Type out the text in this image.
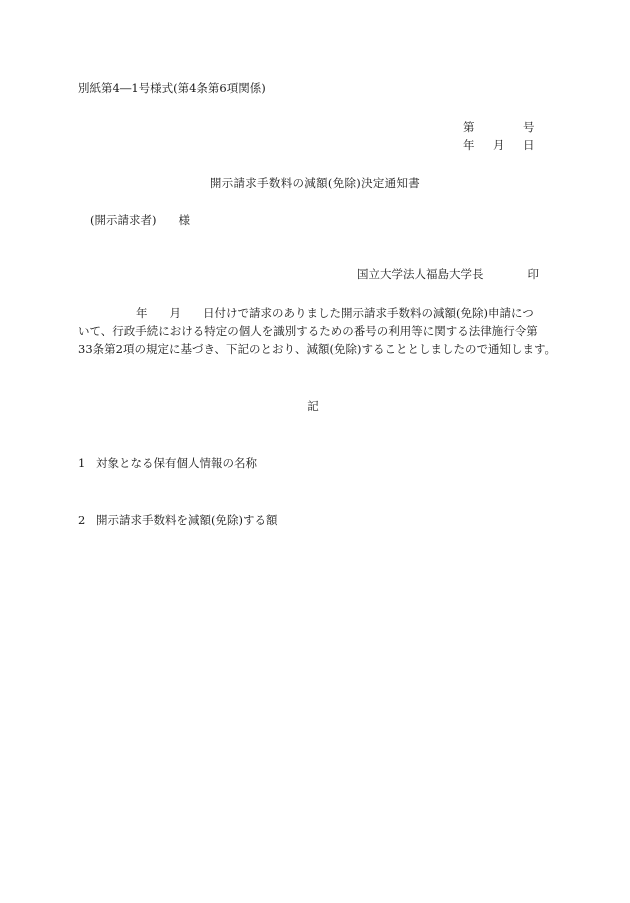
別紙第4―1号様式(第4条第6項関係)
第	号
年 月 日
開示請求手数料の減額(免除)決定通知書
(開示請求者) 様
国立大学法人福島大学長	印
年 月 日付けで請求のありました開示請求手数料の減額(免除)申請につ
いて、行政手続における特定の個人を識別するための番号の利用等に関する法律施行令第
33条第2項の規定に基づき、下記のとおり、減額(免除)することとしましたので通知します。
記
1 対象となる保有個人情報の名称
2 開示請求手数料を減額(免除)する額
